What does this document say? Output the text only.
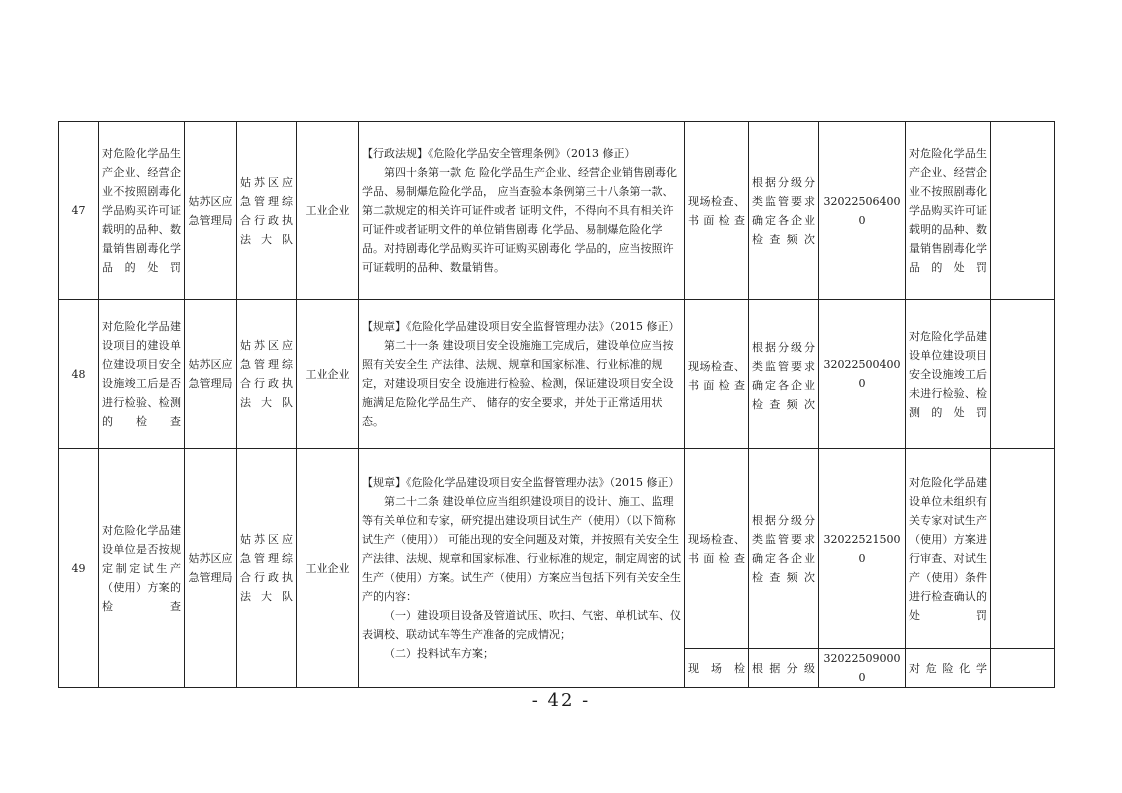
47	对危险化学品生产企业、经营企业不按照剧毒化学品购买许可证载明的品种、数量销售剧毒化学品的处罚	姑苏区应急管理局	姑苏区应急管理综合行政执法大队	工业企业	【行政法规】《危险化学品安全管理条例》（2013 修正）

第四十条第一款 危 险化学品生产企业、经营企业销售剧毒化学品、易制爆危险化学品， 应当查验本条例第三十八条第一款、第二款规定的相关许可证件或者 证明文件，不得向不具有相关许可证件或者证明文件的单位销售剧毒 化学品、易制爆危险化学品。对持剧毒化学品购买许可证购买剧毒化 学品的，应当按照许可证载明的品种、数量销售。	现场检查、书面检查	根据分级分类监管要求确定各企业检查频次	320225064000	对危险化学品生产企业、经营企业不按照剧毒化学品购买许可证载明的品种、数量销售剧毒化学品的处罚	
48	对危险化学品建设项目的建设单位建设项目安全设施竣工后是否进行检验、检测的检查	姑苏区应急管理局	姑苏区应急管理综合行政执法大队	工业企业	【规章】《危险化学品建设项目安全监督管理办法》（2015 修正）

第二十一条 建设项目安全设施施工完成后，建设单位应当按照有关安全生 产法律、法规、规章和国家标准、行业标准的规定，对建设项目安全 设施进行检验、检测，保证建设项目安全设施满足危险化学品生产、 储存的安全要求，并处于正常适用状态。	现场检查、书面检查	根据分级分类监管要求确定各企业检查频次	320225004000	对危险化学品建设单位建设项目安全设施竣工后未进行检验、检测的处罚	
49	对危险化学品建设单位是否按规定制定试生产（使用）方案的检查	姑苏区应急管理局	姑苏区应急管理综合行政执法大队	工业企业	【规章】《危险化学品建设项目安全监督管理办法》（2015 修正）

第二十二条 建设单位应当组织建设项目的设计、施工、监理等有关单位和专家，研究提出建设项目试生产（使用）（以下简称试生产（使用）） 可能出现的安全问题及对策，并按照有关安全生产法律、法规、规章和国家标准、行业标准的规定，制定周密的试生产（使用）方案。试生产（使用）方案应当包括下列有关安全生产的内容：

（一）建设项目设备及管道试压、吹扫、气密、单机试车、仪表调校、联动试车等生产准备的完成情况；

（二）投料试车方案；	现场检查、书面检查	根据分级分类监管要求确定各企业检查频次	320225215000	对危险化学品建设单位未组织有关专家对试生产（使用）方案进行审查、对试生产（使用）条件进行检查确认的处罚	
						现场检	根据分级	320225090000	对危险化学	
- 42 -
